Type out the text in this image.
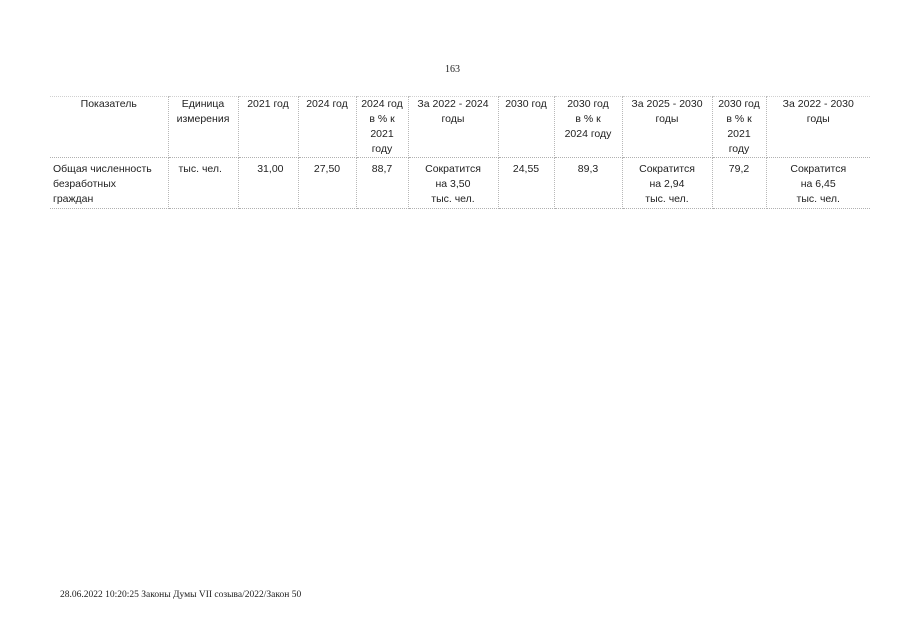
163
Показатель	Единица
измерения	2021 год	2024 год	2024 год
в % к
2021
году	За 2022 - 2024
годы	2030 год	2030 год
в % к
2024 году	За 2025 - 2030
годы	2030 год
в % к
2021
году	За 2022 - 2030
годы

Общая численность
безработных
граждан	тыс. чел.	31,00	27,50	88,7	Сократится
на 3,50
тыс. чел.	24,55	89,3	Сократится
на 2,94
тыс. чел.	79,2	Сократится
на 6,45
тыс. чел.
28.06.2022 10:20:25 Законы Думы VII созыва/2022/Закон 50
